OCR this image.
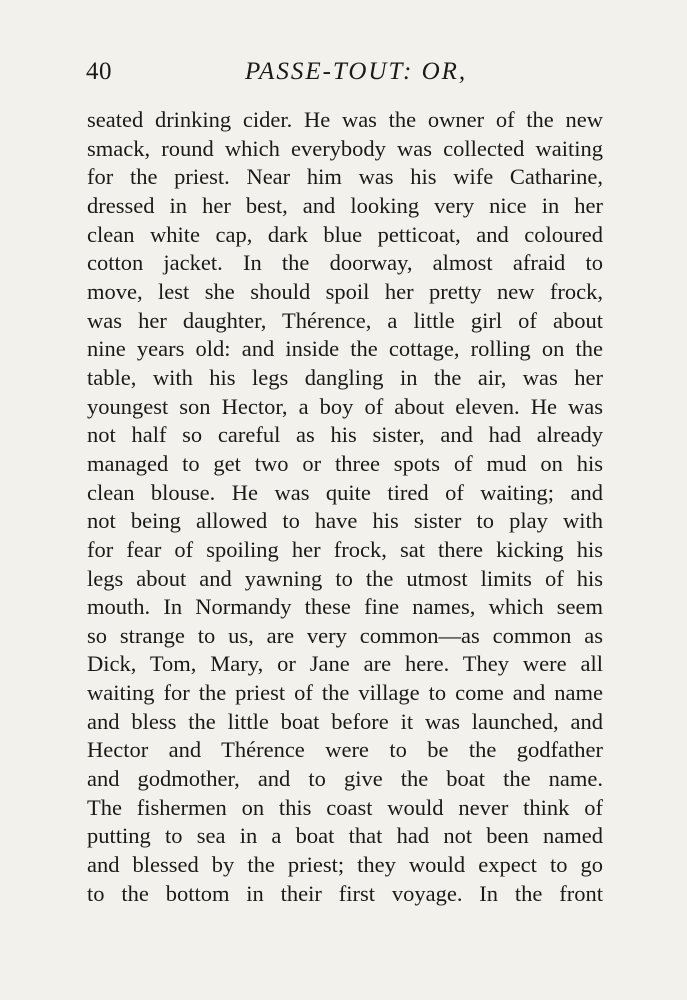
40	PASSE-TOUT: OR,
seated drinking cider. He was the owner of the new
smack, round which everybody was collected waiting
for the priest. Near him was his wife Catharine,
dressed in her best, and looking very nice in her
clean white cap, dark blue petticoat, and coloured
cotton jacket. In the doorway, almost afraid to
move, lest she should spoil her pretty new frock,
was her daughter, Thérence, a little girl of about
nine years old: and inside the cottage, rolling on the
table, with his legs dangling in the air, was her
youngest son Hector, a boy of about eleven. He was
not half so careful as his sister, and had already
managed to get two or three spots of mud on his
clean blouse. He was quite tired of waiting; and
not being allowed to have his sister to play with
for fear of spoiling her frock, sat there kicking his
legs about and yawning to the utmost limits of his
mouth. In Normandy these fine names, which seem
so strange to us, are very common—as common as
Dick, Tom, Mary, or Jane are here. They were all
waiting for the priest of the village to come and name
and bless the little boat before it was launched, and
Hector and Thérence were to be the godfather
and godmother, and to give the boat the name.
The fishermen on this coast would never think of
putting to sea in a boat that had not been named
and blessed by the priest; they would expect to go
to the bottom in their first voyage. In the front
